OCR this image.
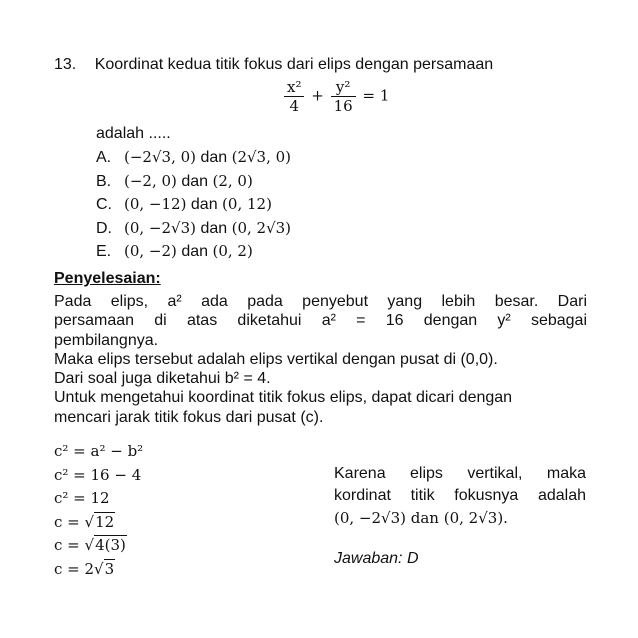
13. Koordinat kedua titik fokus dari elips dengan persamaan
$\frac{\text{x²}}{4} + \frac{\text{y²}}{16} = 1$
adalah .....
A. (−2√3, 0) dan (2√3, 0)
B. (−2, 0) dan (2, 0)
C. (0, −12) dan (0, 12)
D. (0, −2√3) dan (0, 2√3)
E. (0, −2) dan (0, 2)
Penyelesaian:
Pada elips, a² ada pada penyebut yang lebih besar. Dari
persamaan di atas diketahui a² = 16 dengan y² sebagai
pembilangnya.
Maka elips tersebut adalah elips vertikal dengan pusat di (0,0).
Dari soal juga diketahui b² = 4.
Untuk mengetahui koordinat titik fokus elips, dapat dicari dengan
mencari jarak titik fokus dari pusat (c).
c² = a² − b²
c² = 16 − 4
c² = 12
c = √12
c = √4(3)
c = 2√3
Karena elips vertikal, maka
kordinat titik fokusnya adalah
(0, −2√3) dan (0, 2√3).
Jawaban: D
